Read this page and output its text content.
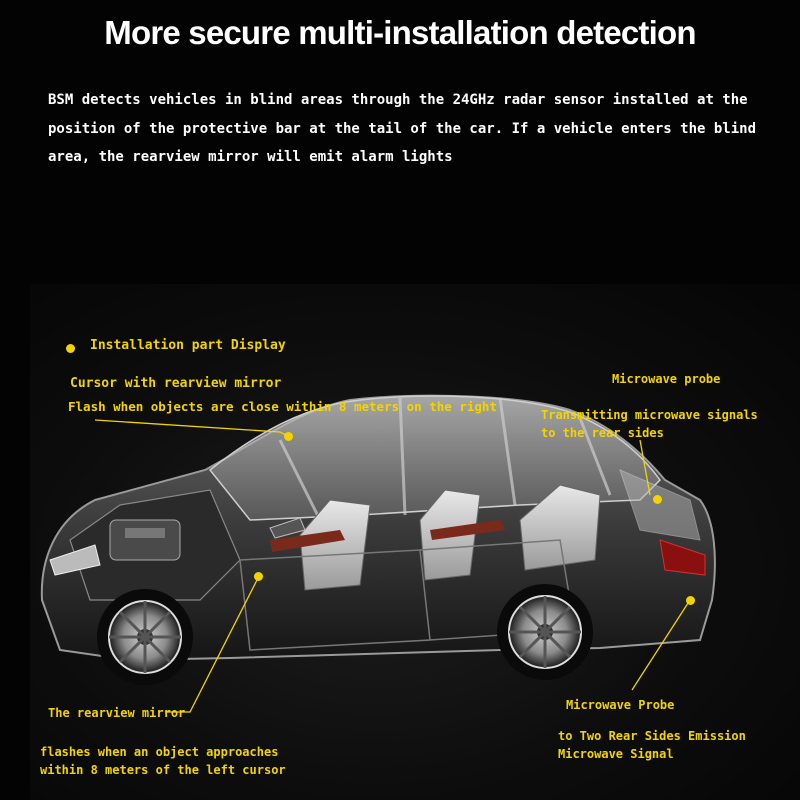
More secure multi-installation detection
BSM detects vehicles in blind areas through the 24GHz radar sensor installed at the
position of the protective bar at the tail of the car. If a vehicle enters the blind
area, the rearview mirror will emit alarm lights
Installation part Display
Cursor with rearview mirror
Flash when objects are close within 8 meters on the right
Microwave probe
Transmitting microwave signals
to the rear sides
The rearview mirror
flashes when an object approaches
within 8 meters of the left cursor
Microwave Probe
to Two Rear Sides Emission
Microwave Signal
